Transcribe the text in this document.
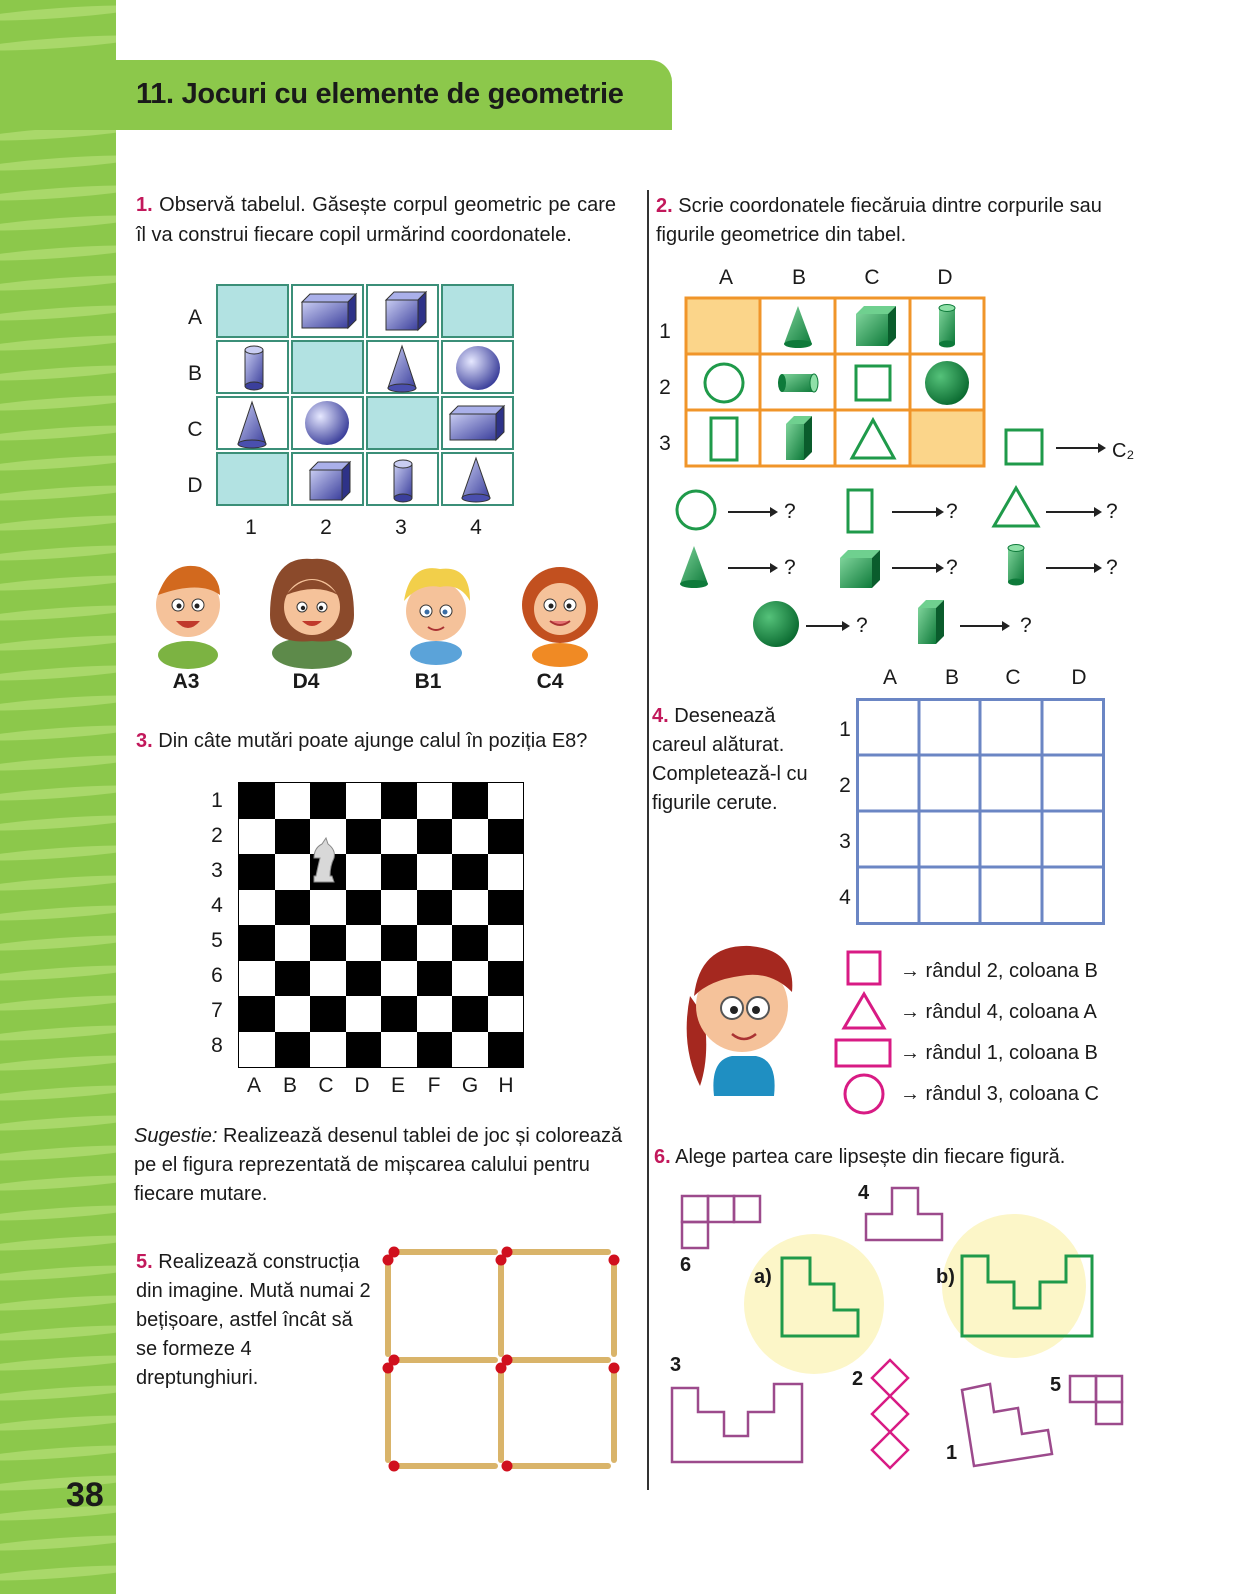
11. Jocuri cu elemente de geometrie
38
1. Observă tabelul. Găsește corpul geometric pe care îl va construi fiecare copil urmărind coordonatele.
A
B
C
D
1	2	3	4
A3	D4	B1	C4
3. Din câte mutări poate ajunge calul în poziția E8?
1
2
3
4
5
6
7
8
A	B	C D	E	F	G H
Sugestie: Realizează desenul tablei de joc și colorează pe el figura reprezentată de mișcarea calului pentru fiecare mutare.
5. Realizează construcția din imagine. Mută numai 2 bețișoare, astfel încât să se formeze 4 dreptunghiuri.
2. Scrie coordonatele fiecăruia dintre corpurile sau figurile geometrice din tabel.
A	B	C	D
1
2
3	C₂
?	?	?
?	?	?
?	?
4. Desenează careul alăturat. Completează-l cu figurile cerute.
A	B	C	D
1
2
3
4
→ rândul 2, coloana B
→ rândul 4, coloana A
→ rândul 1, coloana B
→ rândul 3, coloana C
6. Alege partea care lipsește din fiecare figură.
6
4
a)	b)
3
2	5
1
